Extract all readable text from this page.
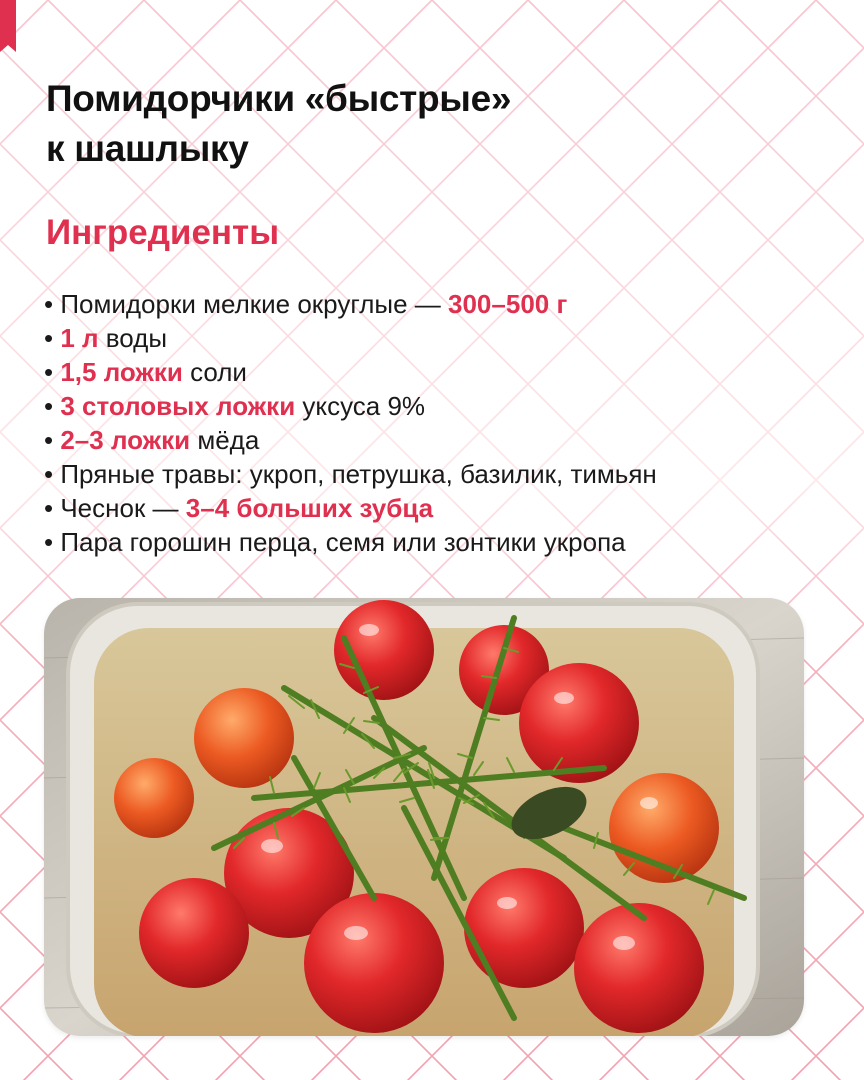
Помидорчики «быстрые»
к шашлыку
Ингредиенты
• Помидорки мелкие округлые — 300–500 г
• 1 л воды
• 1,5 ложки соли
• 3 столовых ложки уксуса 9%
• 2–3 ложки мёда
• Пряные травы: укроп, петрушка, базилик, тимьян
• Чеснок — 3–4 больших зубца
• Пара горошин перца, семя или зонтики укропа
